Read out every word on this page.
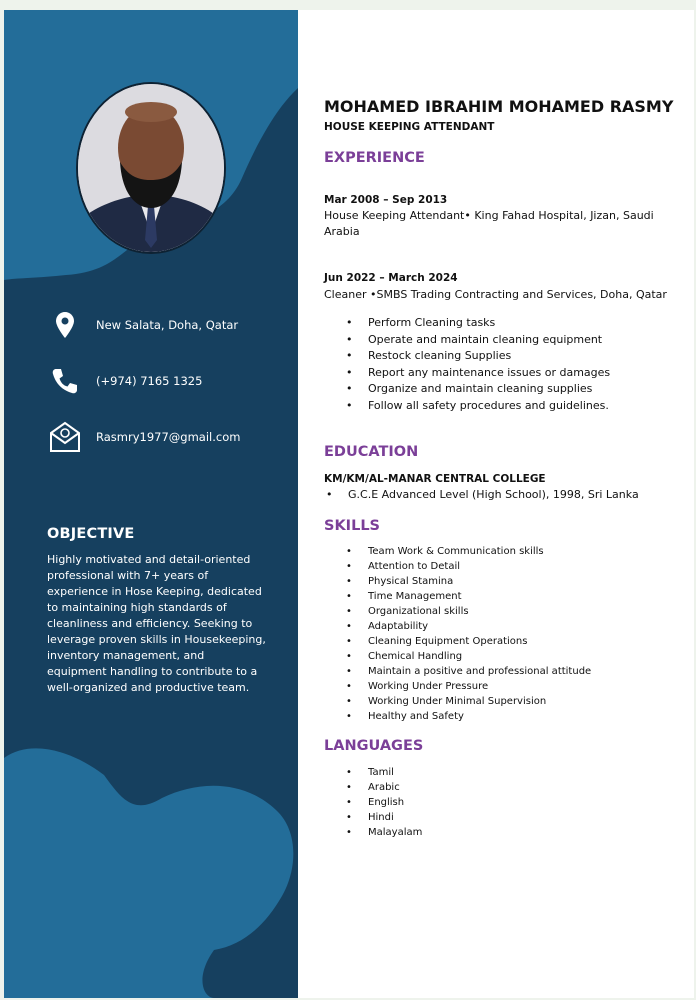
New Salata, Doha, Qatar
(+974) 7165 1325
Rasmry1977@gmail.com
OBJECTIVE
Highly motivated and detail-oriented professional with 7+ years of experience in Hose Keeping, dedicated to maintaining high standards of cleanliness and efficiency. Seeking to leverage proven skills in Housekeeping, inventory management, and equipment handling to contribute to a well-organized and productive team.
MOHAMED IBRAHIM MOHAMED RASMY
HOUSE KEEPING ATTENDANT
EXPERIENCE
Mar 2008 – Sep 2013
House Keeping Attendant• King Fahad Hospital, Jizan, Saudi Arabia
Jun 2022 – March 2024
Cleaner •SMBS Trading Contracting and Services, Doha, Qatar
• Perform Cleaning tasks
• Operate and maintain cleaning equipment
• Restock cleaning Supplies
• Report any maintenance issues or damages
• Organize and maintain cleaning supplies
• Follow all safety procedures and guidelines.
EDUCATION
KM/KM/AL-MANAR CENTRAL COLLEGE
• G.C.E Advanced Level (High School), 1998, Sri Lanka
SKILLS
• Team Work & Communication skills
• Attention to Detail
• Physical Stamina
• Time Management
• Organizational skills
• Adaptability
• Cleaning Equipment Operations
• Chemical Handling
• Maintain a positive and professional attitude
• Working Under Pressure
• Working Under Minimal Supervision
• Healthy and Safety
LANGUAGES
• Tamil
• Arabic
• English
• Hindi
• Malayalam
